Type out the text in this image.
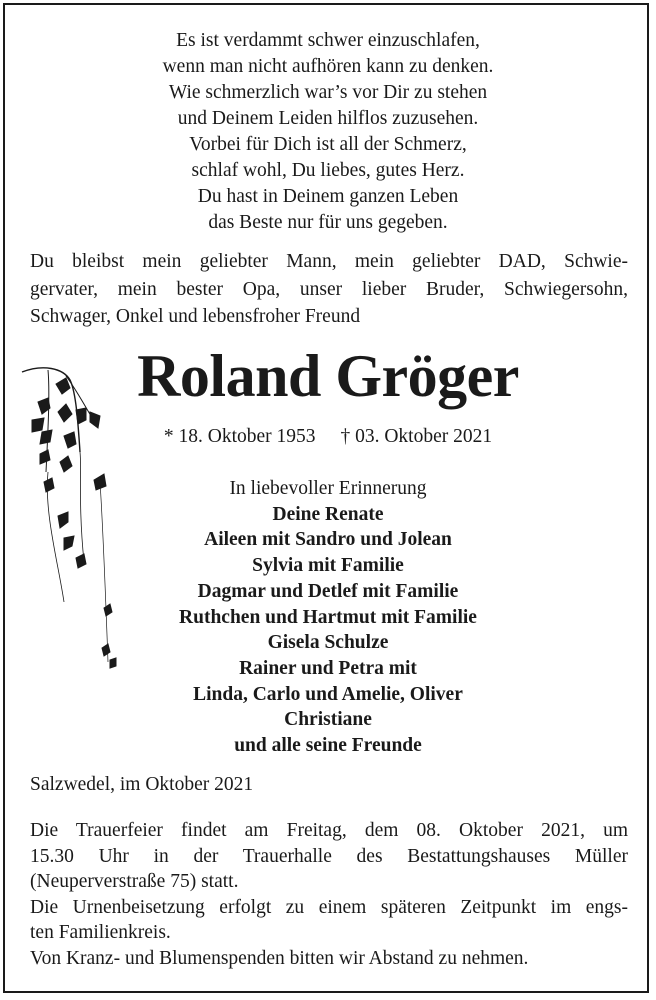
Es ist verdammt schwer einzuschlafen,
wenn man nicht aufhören kann zu denken.
Wie schmerzlich war’s vor Dir zu stehen
und Deinem Leiden hilflos zuzusehen.
Vorbei für Dich ist all der Schmerz,
schlaf wohl, Du liebes, gutes Herz.
Du hast in Deinem ganzen Leben
das Beste nur für uns gegeben.
Du bleibst mein geliebter Mann, mein geliebter DAD, Schwie-
gervater, mein bester Opa, unser lieber Bruder, Schwiegersohn,
Schwager, Onkel und lebensfroher Freund
Roland Gröger
* 18. Oktober 1953 † 03. Oktober 2021
In liebevoller Erinnerung
Deine Renate
Aileen mit Sandro und Jolean
Sylvia mit Familie
Dagmar und Detlef mit Familie
Ruthchen und Hartmut mit Familie
Gisela Schulze
Rainer und Petra mit
Linda, Carlo und Amelie, Oliver
Christiane
und alle seine Freunde
Salzwedel, im Oktober 2021
Die Trauerfeier findet am Freitag, dem 08. Oktober 2021, um
15.30 Uhr in der Trauerhalle des Bestattungshauses Müller
(Neuperverstraße 75) statt.
Die Urnenbeisetzung erfolgt zu einem späteren Zeitpunkt im engs-
ten Familienkreis.
Von Kranz- und Blumenspenden bitten wir Abstand zu nehmen.
